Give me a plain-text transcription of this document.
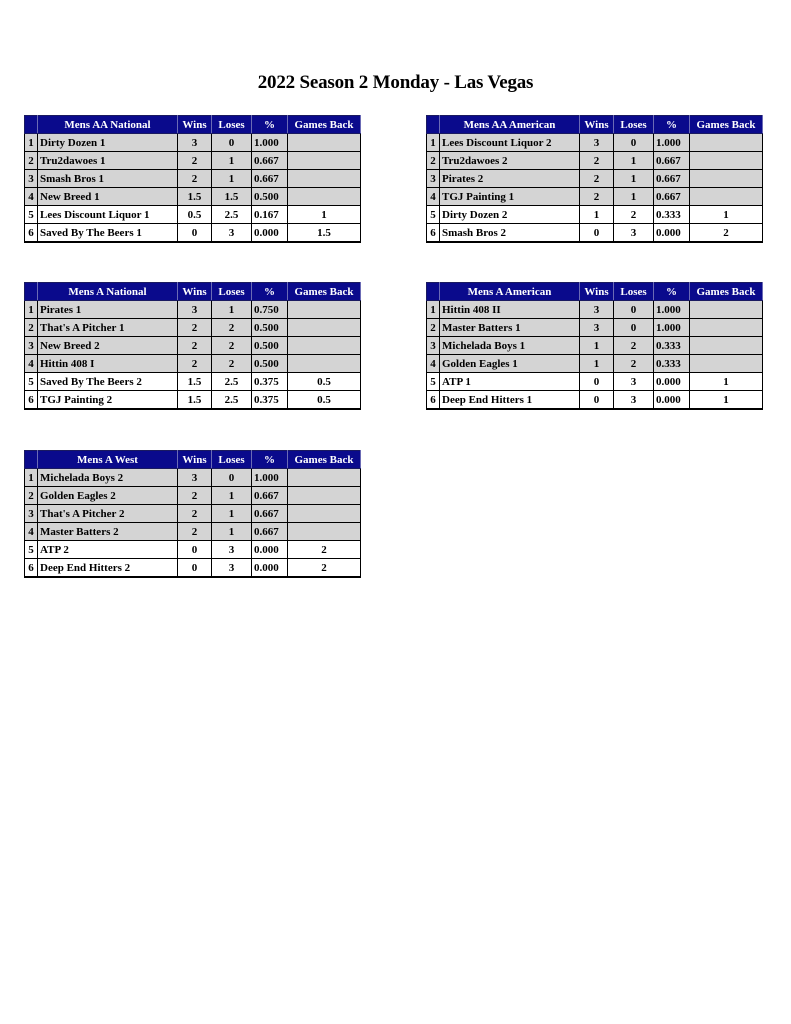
2022 Season 2 Monday - Las Vegas
	Mens AA National	Wins	Loses	%	Games Back
1	Dirty Dozen 1	3	0	1.000	
2	Tru2dawoes 1	2	1	0.667	
3	Smash Bros 1	2	1	0.667	
4	New Breed 1	1.5	1.5	0.500	
5	Lees Discount Liquor 1	0.5	2.5	0.167	1
6	Saved By The Beers 1	0	3	0.000	1.5
	Mens AA American	Wins	Loses	%	Games Back
1	Lees Discount Liquor 2	3	0	1.000	
2	Tru2dawoes 2	2	1	0.667	
3	Pirates 2	2	1	0.667	
4	TGJ Painting 1	2	1	0.667	
5	Dirty Dozen 2	1	2	0.333	1
6	Smash Bros 2	0	3	0.000	2
	Mens A National	Wins	Loses	%	Games Back
1	Pirates 1	3	1	0.750	
2	That's A Pitcher 1	2	2	0.500	
3	New Breed 2	2	2	0.500	
4	Hittin 408 I	2	2	0.500	
5	Saved By The Beers 2	1.5	2.5	0.375	0.5
6	TGJ Painting 2	1.5	2.5	0.375	0.5
	Mens A American	Wins	Loses	%	Games Back
1	Hittin 408 II	3	0	1.000	
2	Master Batters 1	3	0	1.000	
3	Michelada Boys 1	1	2	0.333	
4	Golden Eagles 1	1	2	0.333	
5	ATP 1	0	3	0.000	1
6	Deep End Hitters 1	0	3	0.000	1
	Mens A West	Wins	Loses	%	Games Back
1	Michelada Boys 2	3	0	1.000	
2	Golden Eagles 2	2	1	0.667	
3	That's A Pitcher 2	2	1	0.667	
4	Master Batters 2	2	1	0.667	
5	ATP 2	0	3	0.000	2
6	Deep End Hitters 2	0	3	0.000	2
